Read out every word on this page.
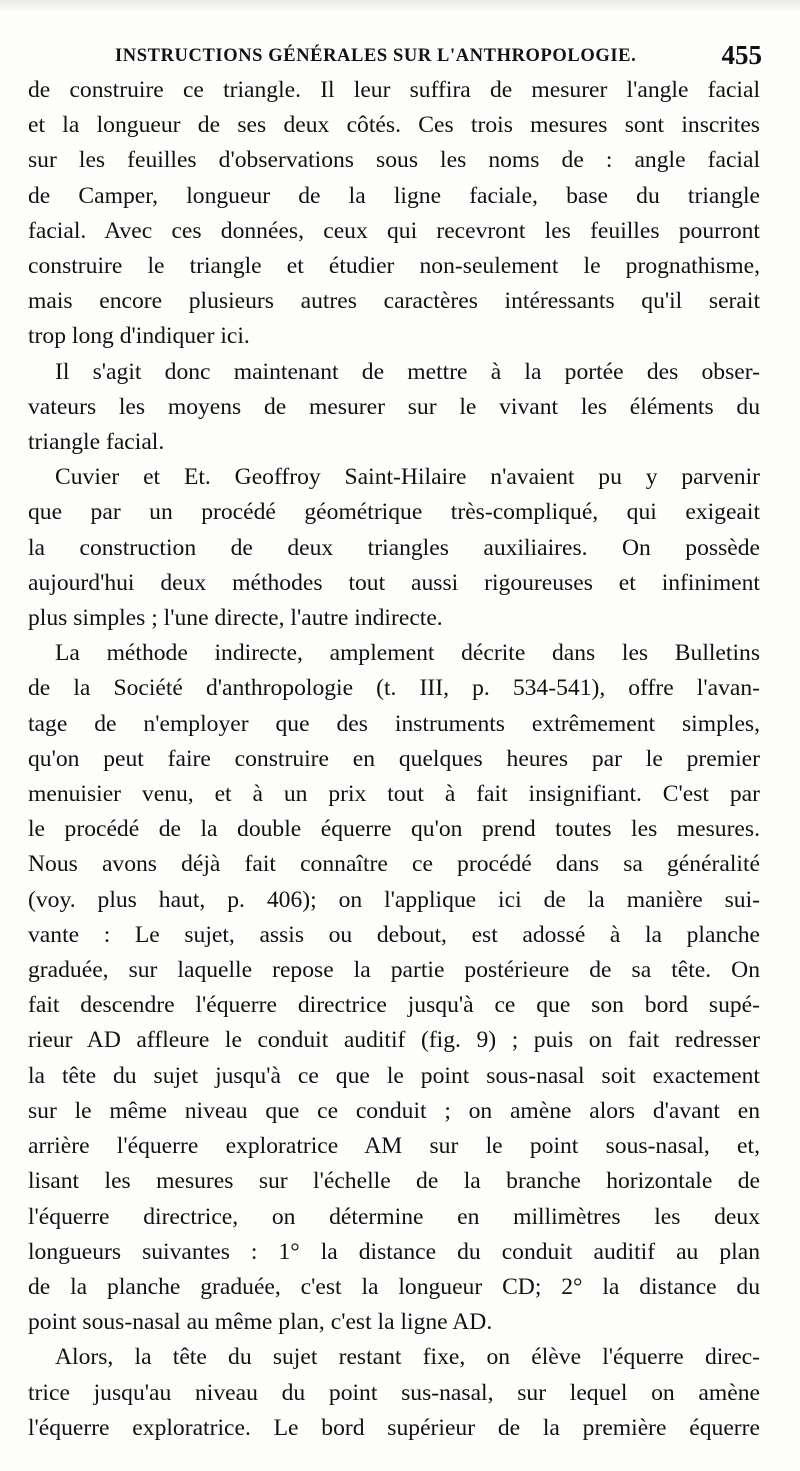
INSTRUCTIONS GÉNÉRALES SUR L'ANTHROPOLOGIE.	455
de construire ce triangle. Il leur suffira de mesurer l'angle facial
et la longueur de ses deux côtés. Ces trois mesures sont inscrites
sur les feuilles d'observations sous les noms de : angle facial
de Camper, longueur de la ligne faciale, base du triangle
facial. Avec ces données, ceux qui recevront les feuilles pourront
construire le triangle et étudier non-seulement le prognathisme,
mais encore plusieurs autres caractères intéressants qu'il serait
trop long d'indiquer ici.
Il s'agit donc maintenant de mettre à la portée des obser-
vateurs les moyens de mesurer sur le vivant les éléments du
triangle facial.
Cuvier et Et. Geoffroy Saint-Hilaire n'avaient pu y parvenir
que par un procédé géométrique très-compliqué, qui exigeait
la construction de deux triangles auxiliaires. On possède
aujourd'hui deux méthodes tout aussi rigoureuses et infiniment
plus simples ; l'une directe, l'autre indirecte.
La méthode indirecte, amplement décrite dans les Bulletins
de la Société d'anthropologie (t. III, p. 534-541), offre l'avan-
tage de n'employer que des instruments extrêmement simples,
qu'on peut faire construire en quelques heures par le premier
menuisier venu, et à un prix tout à fait insignifiant. C'est par
le procédé de la double équerre qu'on prend toutes les mesures.
Nous avons déjà fait connaître ce procédé dans sa généralité
(voy. plus haut, p. 406); on l'applique ici de la manière sui-
vante : Le sujet, assis ou debout, est adossé à la planche
graduée, sur laquelle repose la partie postérieure de sa tête. On
fait descendre l'équerre directrice jusqu'à ce que son bord supé-
rieur AD affleure le conduit auditif (fig. 9) ; puis on fait redresser
la tête du sujet jusqu'à ce que le point sous-nasal soit exactement
sur le même niveau que ce conduit ; on amène alors d'avant en
arrière l'équerre exploratrice AM sur le point sous-nasal, et,
lisant les mesures sur l'échelle de la branche horizontale de
l'équerre directrice, on détermine en millimètres les deux
longueurs suivantes : 1° la distance du conduit auditif au plan
de la planche graduée, c'est la longueur CD; 2° la distance du
point sous-nasal au même plan, c'est la ligne AD.
Alors, la tête du sujet restant fixe, on élève l'équerre direc-
trice jusqu'au niveau du point sus-nasal, sur lequel on amène
l'équerre exploratrice. Le bord supérieur de la première équerre
